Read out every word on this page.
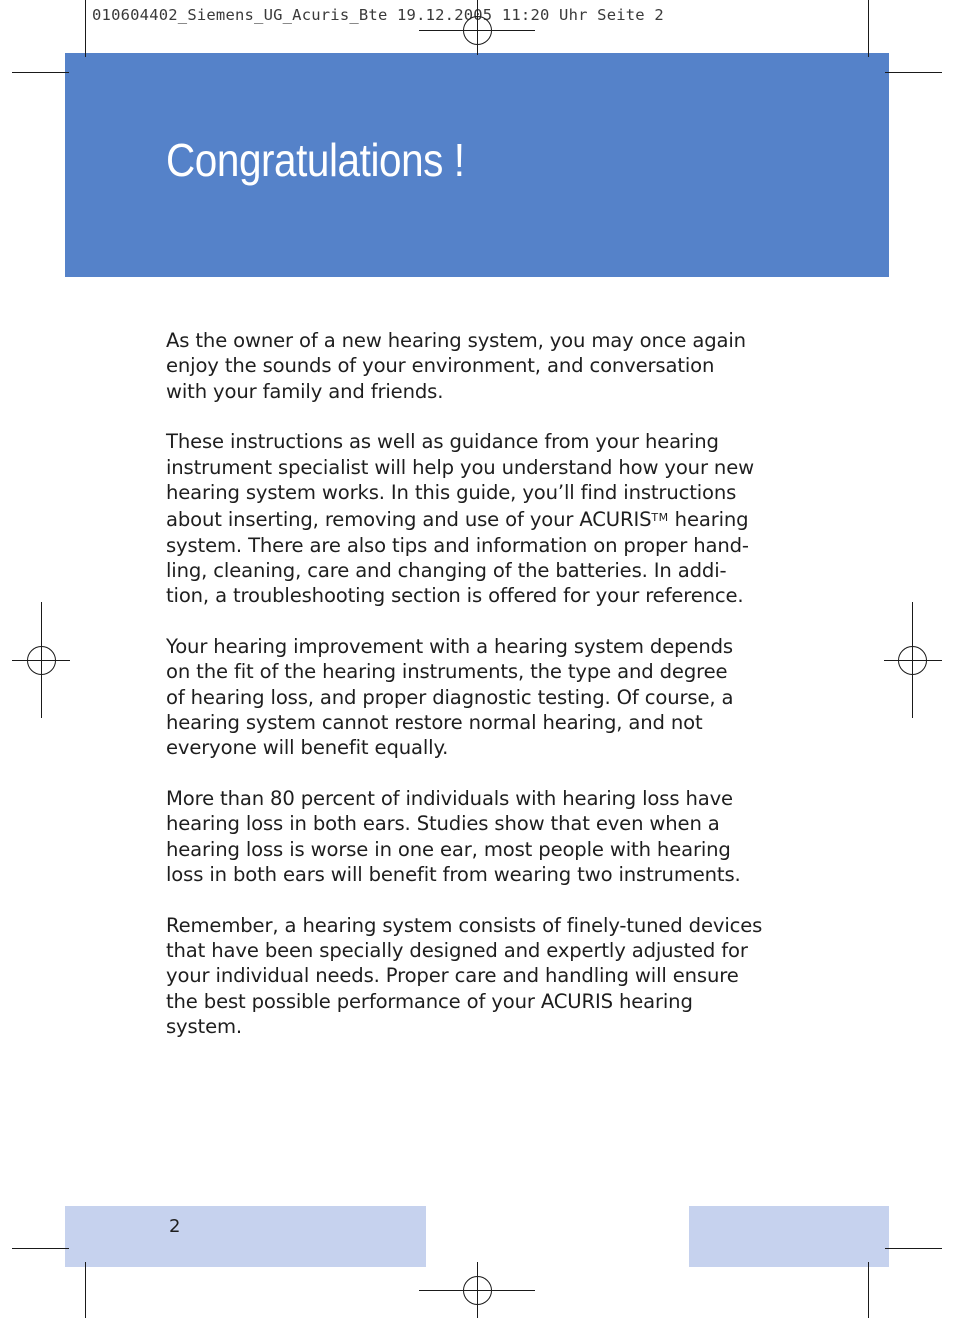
010604402_Siemens_UG_Acuris_Bte 19.12.2005 11:20 Uhr Seite 2
Congratulations !

As the owner of a new hearing system, you may once again
enjoy the sounds of your environment, and conversation
with your family and friends.

These instructions as well as guidance from your hearing
instrument specialist will help you understand how your new
hearing system works. In this guide, you’ll find instructions
about inserting, removing and use of your ACURIS™ hearing
system. There are also tips and information on proper hand-
ling, cleaning, care and changing of the batteries. In addi-
tion, a troubleshooting section is offered for your reference.

Your hearing improvement with a hearing system depends
on the fit of the hearing instruments, the type and degree
of hearing loss, and proper diagnostic testing. Of course, a
hearing system cannot restore normal hearing, and not
everyone will benefit equally.

More than 80 percent of individuals with hearing loss have
hearing loss in both ears. Studies show that even when a
hearing loss is worse in one ear, most people with hearing
loss in both ears will benefit from wearing two instruments.

Remember, a hearing system consists of finely-tuned devices
that have been specially designed and expertly adjusted for
your individual needs. Proper care and handling will ensure
the best possible performance of your ACURIS hearing
system.

2
